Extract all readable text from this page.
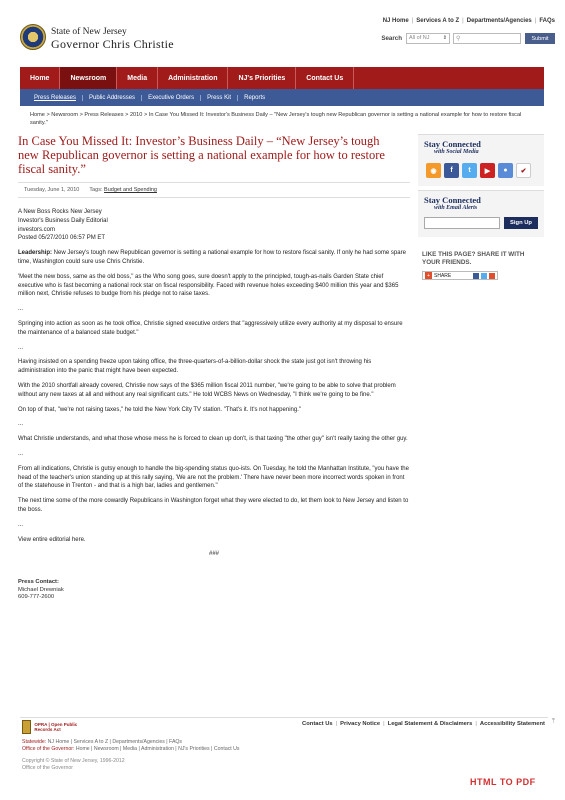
State of New Jersey
Governor Chris Christie
NJ Home | Services A to Z | Departments/Agencies | FAQs
Search	All of NJ	⇕ ⚲	Submit
Home	Newsroom	Media	Administration	NJ's Priorities	Contact Us
Press Releases	Public Addresses	Executive Orders	Press Kit	Reports
Home > Newsroom > Press Releases > 2010 > In Case You Missed It: Investor's Business Daily – "New Jersey's tough new Republican governor is setting a national example for how to restore fiscal sanity."
In Case You Missed It: Investor’s Business Daily – “New Jersey’s tough new Republican governor is setting a national example for how to restore fiscal sanity.”
Tuesday, June 1, 2010 Tags: Budget and Spending

A New Boss Rocks New Jersey
Investor's Business Daily Editorial
investors.com
Posted 05/27/2010 06:57 PM ET

Leadership: New Jersey's tough new Republican governor is setting a national example for how to restore fiscal sanity. If only he had some spare time, Washington could sure use Chris Christie.

'Meet the new boss, same as the old boss," as the Who song goes, sure doesn't apply to the principled, tough-as-nails Garden State chief executive who is fast becoming a national rock star on fiscal responsibility. Faced with revenue holes exceeding $400 million this year and $365 million next, Christie refuses to budge from his pledge not to raise taxes.

...

Springing into action as soon as he took office, Christie signed executive orders that "aggressively utilize every authority at my disposal to ensure the maintenance of a balanced state budget."

...

Having insisted on a spending freeze upon taking office, the three-quarters-of-a-billion-dollar shock the state just got isn't throwing his administration into the panic that might have been expected.

With the 2010 shortfall already covered, Christie now says of the $365 million fiscal 2011 number, "we're going to be able to solve that problem without any new taxes at all and without any real significant cuts." He told WCBS News on Wednesday, "I think we're going to be fine."

On top of that, "we're not raising taxes," he told the New York City TV station. "That's it. It's not happening."

...

What Christie understands, and what those whose mess he is forced to clean up don't, is that taxing "the other guy" isn't really taxing the other guy.

...

From all indications, Christie is gutsy enough to handle the big-spending status quo-ists. On Tuesday, he told the Manhattan Institute, "you have the head of the teacher's union standing up at this rally saying, 'We are not the problem.' There have never been more incorrect words spoken in front of the statehouse in Trenton - and that is a high bar, ladies and gentlemen."

The next time some of the more cowardly Republicans in Washington forget what they were elected to do, let them look to New Jersey and listen to the boss.

...

View entire editorial here.

###

Press Contact:
Michael Drewniak
609-777-2600
Stay Connected
with Social Media
◉	f	t	▶	●	✔
Stay Connected
with Email Alerts
Sign Up
LIKE THIS PAGE? SHARE IT WITH YOUR FRIENDS.
+ SHARE
OPRA | Open Public Records Act
Contact Us | Privacy Notice | Legal Statement & Disclaimers | Accessibility Statement ⤒
Statewide: NJ Home | Services A to Z | Departments/Agencies | FAQs
Office of the Governor: Home | Newsroom | Media | Administration | NJ's Priorities | Contact Us
Copyright © State of New Jersey, 1996-2012
Office of the Governor
HTML TO PDF
